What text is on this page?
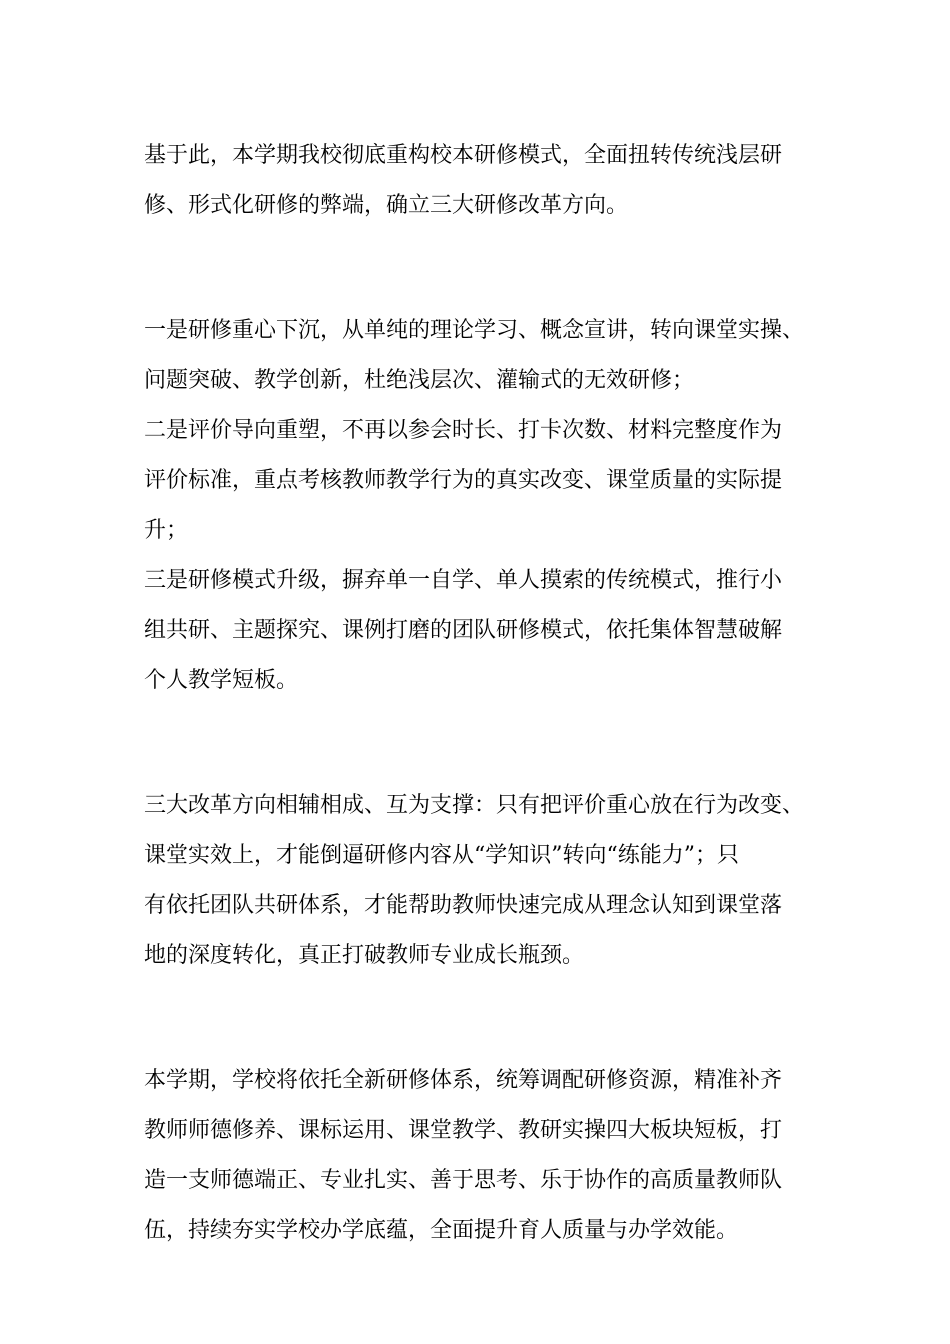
基于此，本学期我校彻底重构校本研修模式，全面扭转传统浅层研
修、形式化研修的弊端，确立三大研修改革方向。
一是研修重心下沉，从单纯的理论学习、概念宣讲，转向课堂实操、
问题突破、教学创新，杜绝浅层次、灌输式的无效研修；
二是评价导向重塑，不再以参会时长、打卡次数、材料完整度作为
评价标准，重点考核教师教学行为的真实改变、课堂质量的实际提
升；
三是研修模式升级，摒弃单一自学、单人摸索的传统模式，推行小
组共研、主题探究、课例打磨的团队研修模式，依托集体智慧破解
个人教学短板。
三大改革方向相辅相成、互为支撑：只有把评价重心放在行为改变、
课堂实效上，才能倒逼研修内容从“学知识”转向“练能力”；只
有依托团队共研体系，才能帮助教师快速完成从理念认知到课堂落
地的深度转化，真正打破教师专业成长瓶颈。
本学期，学校将依托全新研修体系，统筹调配研修资源，精准补齐
教师师德修养、课标运用、课堂教学、教研实操四大板块短板，打
造一支师德端正、专业扎实、善于思考、乐于协作的高质量教师队
伍，持续夯实学校办学底蕴，全面提升育人质量与办学效能。
